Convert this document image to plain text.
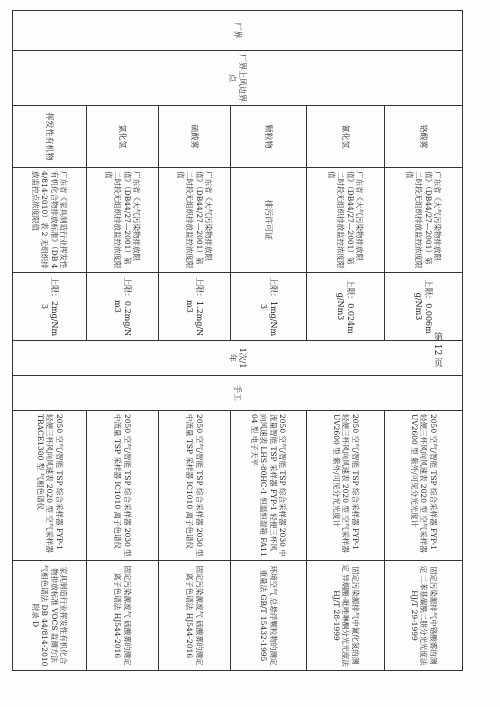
厂界	厂界上风边界点	铬酸雾	广东省《大气污染物排放限值》（DB44/27—2001）第二时段无组织排放监控浓度限值	上限：0.006mg/Nm3	1次/1年	手工	2050 空气/智能 TSP 综合采样器 FYP-1 轻便三杯风向风速表 2020 型 空气采样器 UV2600 型 紫外/可见分光光度计	固定污染源排气中铬酸雾的测定 二苯基碳酰二肼分光光度法 HJ/T 29-1999
		氰化氢	广东省《大气污染物排放限值》（DB44/27—2001）第二时段无组织排放监控浓度限值	上限：0.024mg/Nm3			2050 空气/智能 TSP 综合采样器 FYP-1 轻便三杯风向风速表 2020 型 空气采样器 UV2600 型 紫外/可见分光光度计	固定污染源排气中氰化氢的测定 异烟酸-吡唑啉酮分光光度法 HJ/T 28-1999
		颗粒物	排污许可证	上限：1mg/Nm3			2050 空气/智能 TSP 综合采样器 2030 中流量智能 TSP 采样器 FYP-1 轻便三杯风向风速表 LHS-80HC-1 恒温恒湿箱 FA1104 型 电子天平	环境空气 总悬浮颗粒物的测定 重量法 GB/T 15432-1995
		硫酸雾	广东省《大气污染物排放限值》（DB44/27—2001）第二时段无组织排放监控浓度限值	上限：1.2mg/Nm3			2050 空气/智能 TSP 综合采样器 2030 型 中流量 TSP 采样器 IC1010 离子色谱仪	固定污染源废气 硫酸雾的测定 离子色谱法 HJ544-2016
		氯化氢	广东省《大气污染物排放限值》（DB44/27—2001）第二时段无组织排放监控浓度限值	上限：0.2mg/Nm3			2050 空气/智能 TSP 综合采样器 2030 型 中流量 TSP 采样器 IC1010 离子色谱仪	固定污染源废气 硫酸雾的测定 离子色谱法 HJ544-2016
		挥发性有机物	广东省《家具制造行业挥发性有机化合物排放标准》（DB 44/814-2010）表 2 无组织排放监控点浓度限值	上限：2mg/Nm3			2050 空气/智能 TSP 综合采样器 FYP-1 轻便三杯风向风速表 2020 型 空气采样器 TRACE1300 型 气相色谱仪	家具制造行业挥发性有机化合物排放标准 VOCS 监测方法 气相色谱法 DB 44/814-2010 附录 D
第 12 页
